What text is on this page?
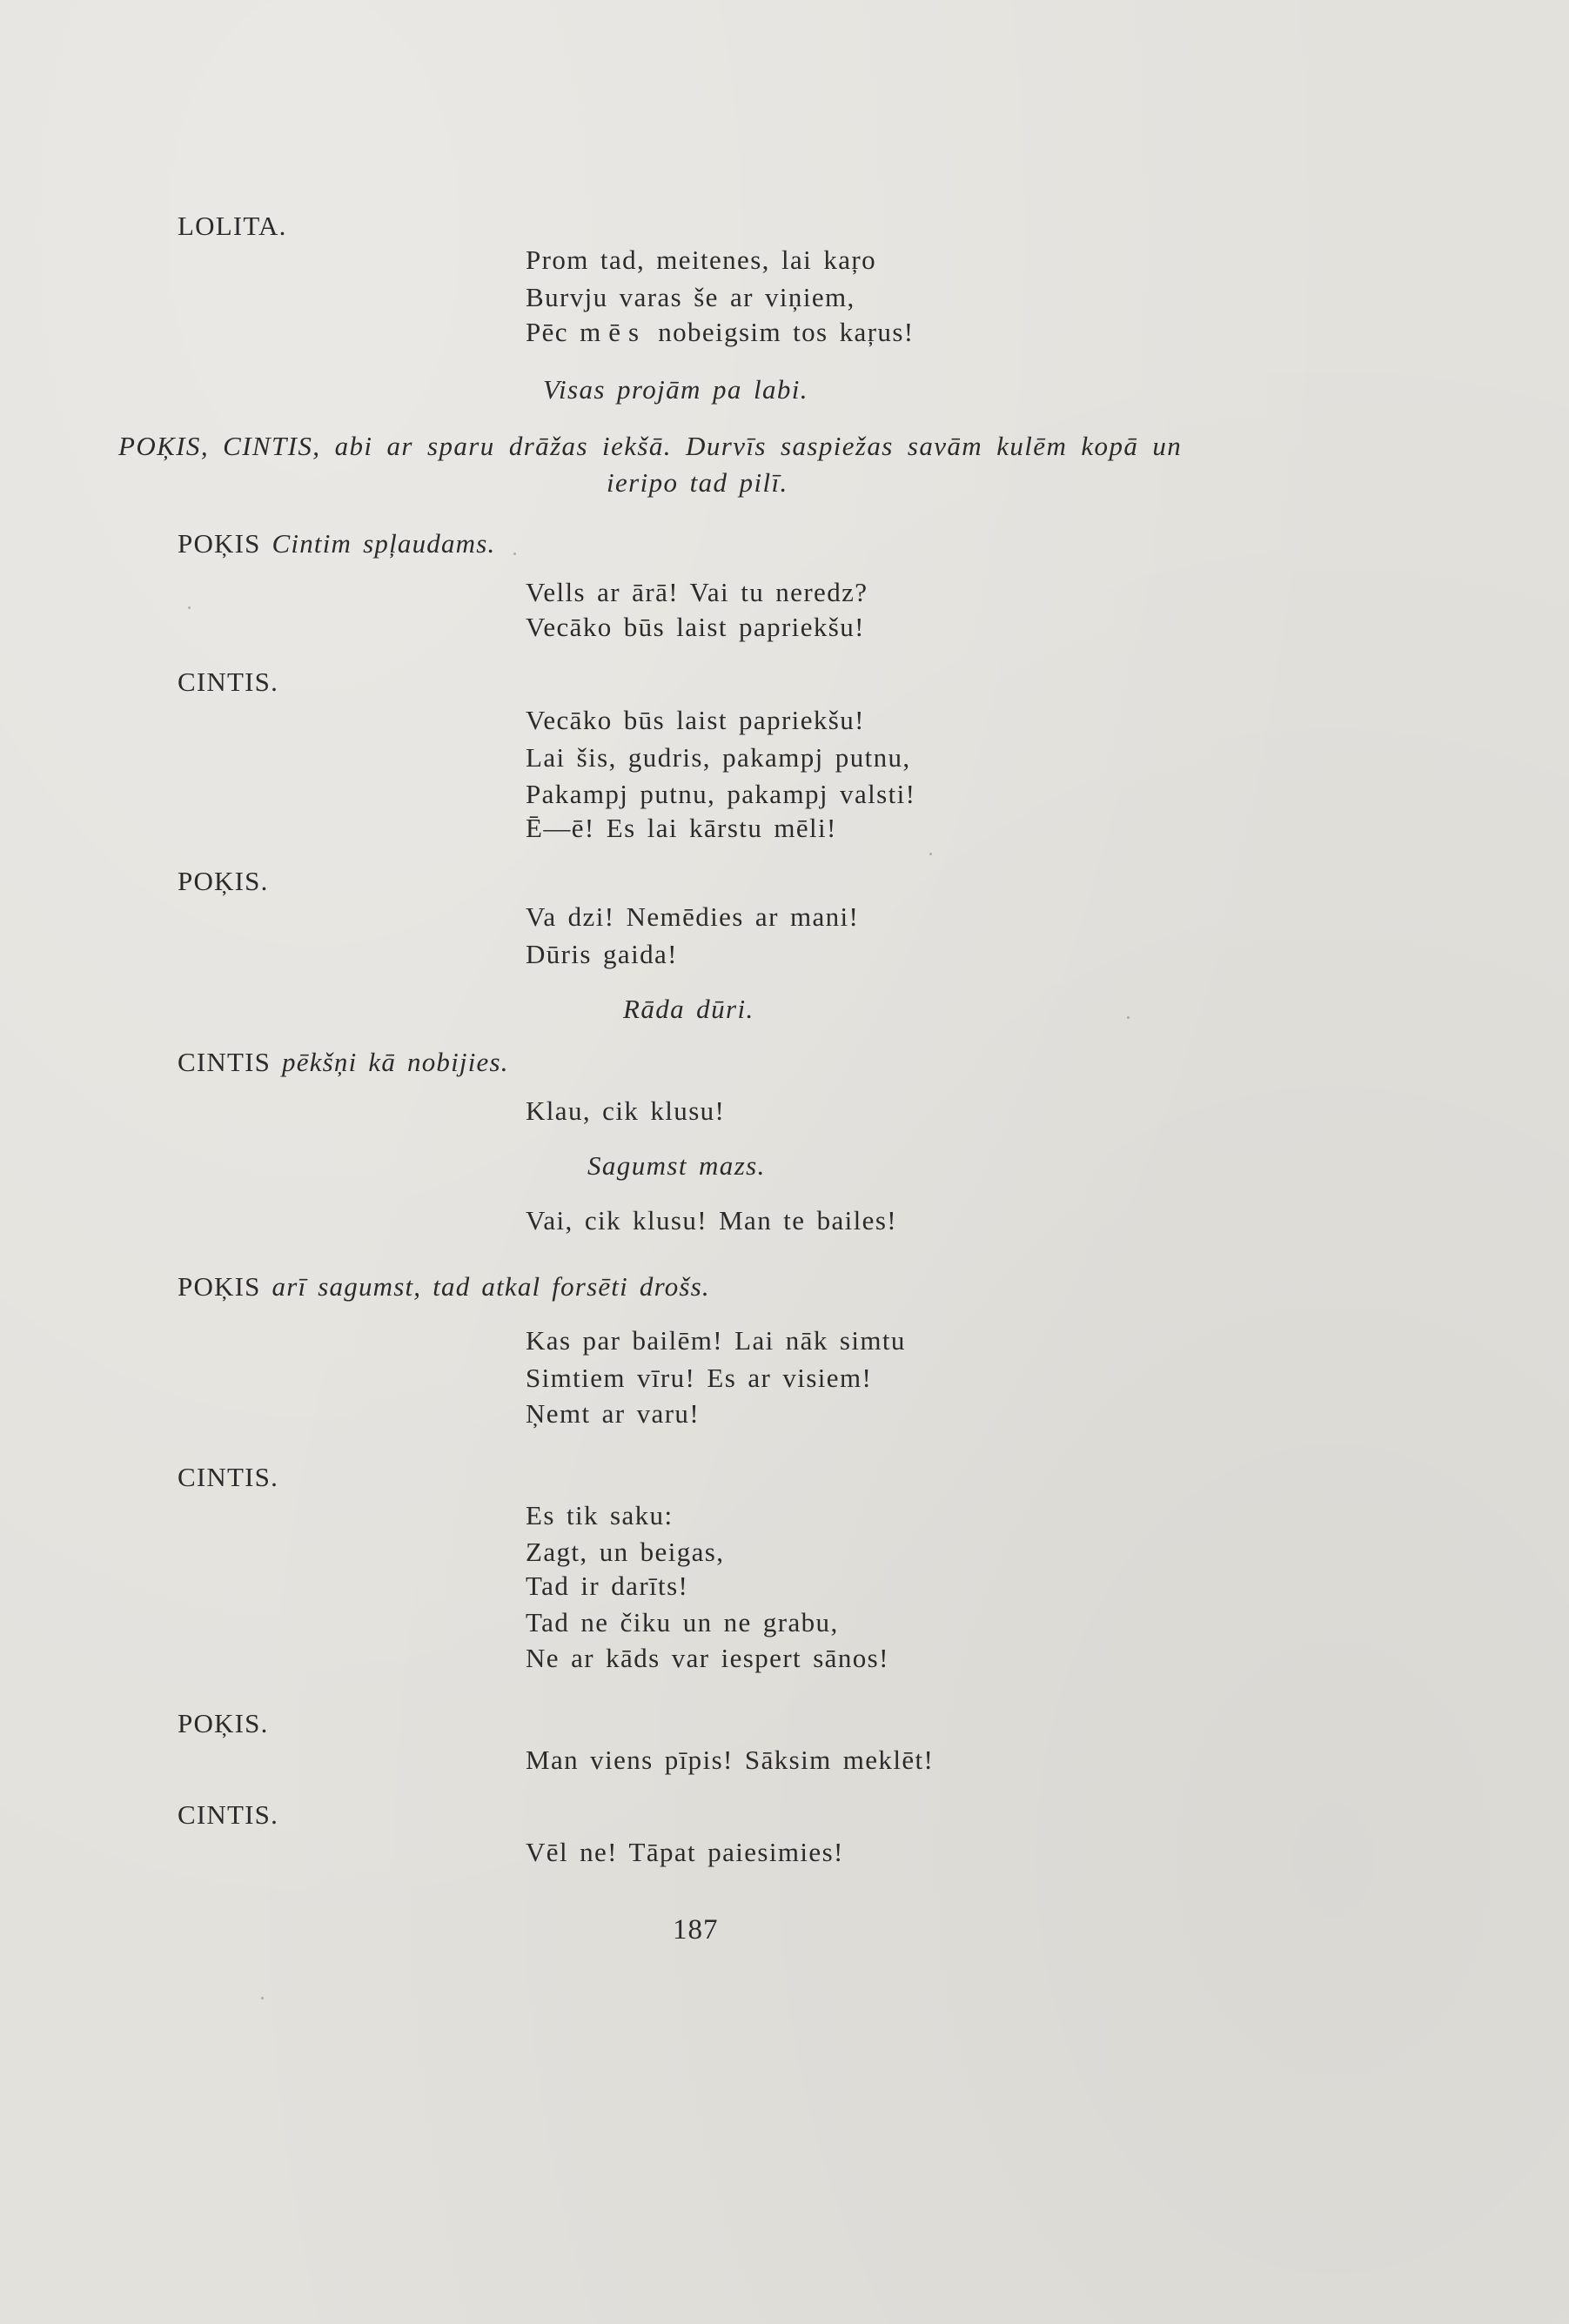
LOLITA.
Prom tad, meitenes, lai kaŗo
Burvju varas še ar viņiem,
Pēc mēs nobeigsim tos kaŗus!
Visas projām pa labi.
POĶIS, CINTIS, abi ar sparu drāžas iekšā. Durvīs saspiežas savām kulēm kopā un
ieripo tad pilī.
POĶIS Cintim spļaudams.
Vells ar ārā! Vai tu neredz?
Vecāko būs laist papriekšu!
CINTIS.
Vecāko būs laist papriekšu!
Lai šis, gudris, pakampj putnu,
Pakampj putnu, pakampj valsti!
Ē—ē! Es lai kārstu mēli!
POĶIS.
Va dzi! Nemēdies ar mani!
Dūris gaida!
Rāda dūri.
CINTIS pēkšņi kā nobijies.
Klau, cik klusu!
Sagumst mazs.
Vai, cik klusu! Man te bailes!
POĶIS arī sagumst, tad atkal forsēti drošs.
Kas par bailēm! Lai nāk simtu
Simtiem vīru! Es ar visiem!
Ņemt ar varu!
CINTIS.
Es tik saku:
Zagt, un beigas,
Tad ir darīts!
Tad ne čiku un ne grabu,
Ne ar kāds var iespert sānos!
POĶIS.
Man viens pīpis! Sāksim meklēt!
CINTIS.
Vēl ne! Tāpat paiesimies!
187
